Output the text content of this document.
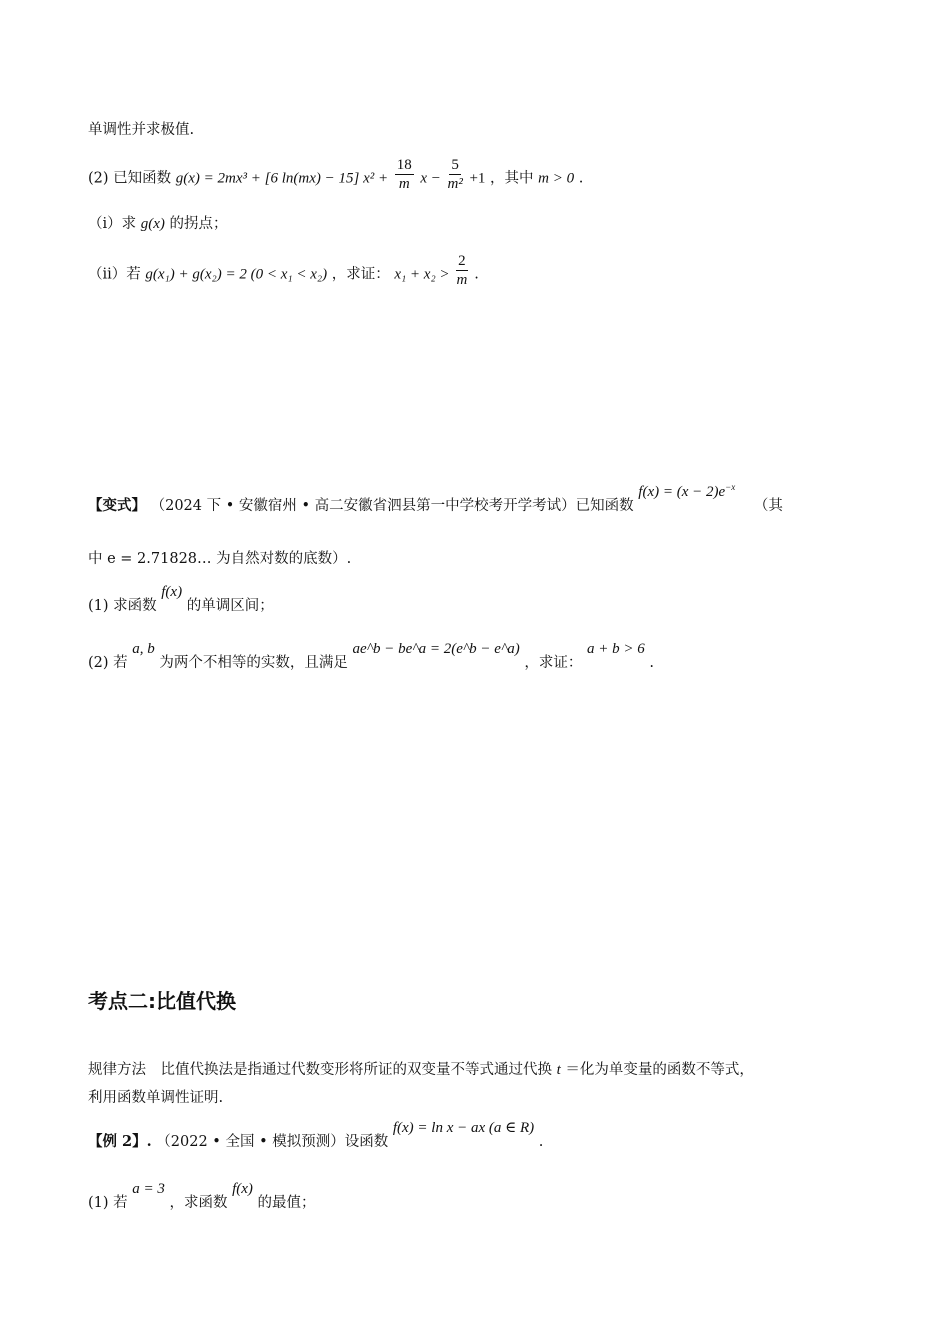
单调性并求极值.
(2) 已知函数 g(x) = 2mx³ + [6 ln(mx) − 15] $x^2 + \frac{18}{m}$ $x - \frac{5}{\text{m²}} +1$ ，其中 m > 0 .
（i）求 g(x) 的拐点；
（ii）若 g(x₁) + g(x₂) = 2 (0 < x₁ < x₂) ，求证： $x_1 + x_2 > \frac{2}{m}$ .
【变式】 （2024 下 • 安徽宿州 • 高二安徽省泗县第一中学校考开学考试）已知函数 $f(x) = (x - 2)e^{-x}$ （其
中 e = 2.71828… 为自然对数的底数）.
(1) 求函数 f(x) 的单调区间；
(2) 若 a, b 为两个不相等的实数，且满足 ae^b − be^a = 2(e^b − e^a) ，求证： a + b > 6 .
考点二:比值代换
规律方法　比值代换法是指通过代数变形将所证的双变量不等式通过代换 t ＝化为单变量的函数不等式，
利用函数单调性证明.
【例 2】. （2022 • 全国 • 模拟预测）设函数 f(x) = ln x − ax (a ∈ R) .
(1) 若 a = 3 ，求函数 f(x) 的最值；
